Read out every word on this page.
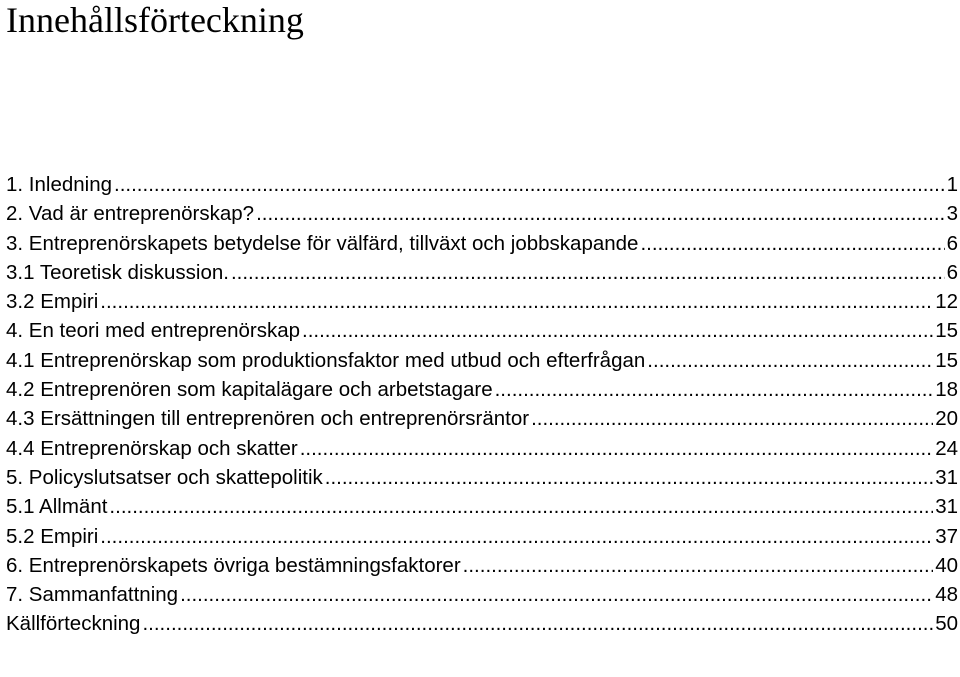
Innehållsförteckning
1. Inledning .....	1
2. Vad är entreprenörskap? .....	3
3. Entreprenörskapets betydelse för välfärd, tillväxt och jobbskapande .....	6
3.1 Teoretisk diskussion. .....	6
3.2 Empiri .....	12
4. En teori med entreprenörskap .....	15
4.1 Entreprenörskap som produktionsfaktor med utbud och efterfrågan .....	15
4.2 Entreprenören som kapitalägare och arbetstagare .....	18
4.3 Ersättningen till entreprenören och entreprenörsräntor .....	20
4.4 Entreprenörskap och skatter .....	24
5. Policyslutsatser och skattepolitik .....	31
5.1 Allmänt .....	31
5.2 Empiri .....	37
6. Entreprenörskapets övriga bestämningsfaktorer .....	40
7. Sammanfattning .....	48
Källförteckning .....	50
